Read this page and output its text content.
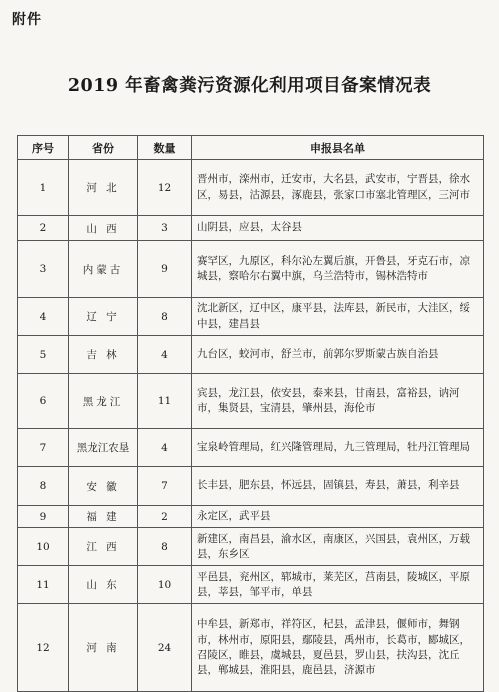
附件
2019 年畜禽粪污资源化利用项目备案情况表
序号	省份	数量	申报县名单
1	河 北	12	晋州市，滦州市，迁安市，大名县，武安市，宁晋县，徐水区，易县，沽源县，涿鹿县，张家口市塞北管理区，三河市
2	山 西	3	山阴县，应县，太谷县
3	内蒙古	9	赛罕区，九原区，科尔沁左翼后旗，开鲁县，牙克石市，凉城县，察哈尔右翼中旗，乌兰浩特市，锡林浩特市
4	辽 宁	8	沈北新区，辽中区，康平县，法库县，新民市，大洼区，绥中县，建昌县
5	吉 林	4	九台区，蛟河市，舒兰市，前郭尔罗斯蒙古族自治县
6	黑龙江	11	宾县，龙江县，依安县，泰来县，甘南县，富裕县，讷河市，集贤县，宝清县，肇州县，海伦市
7	黑龙江农垦	4	宝泉岭管理局，红兴隆管理局，九三管理局，牡丹江管理局
8	安 徽	7	长丰县，肥东县，怀远县，固镇县，寿县，萧县，利辛县
9	福 建	2	永定区，武平县
10	江 西	8	新建区，南昌县，渝水区，南康区，兴国县，袁州区，万载县，东乡区
11	山 东	10	平邑县，兖州区，郓城市，莱芜区，莒南县，陵城区，平原县，莘县，邹平市，单县
12	河 南	24	中牟县，新郑市，祥符区，杞县，孟津县，偃师市，舞钢市，林州市，原阳县，鄢陵县，禹州市，长葛市，郾城区，召陵区，睢县，虞城县，夏邑县，罗山县，扶沟县，沈丘县，郸城县，淮阳县，鹿邑县，济源市
